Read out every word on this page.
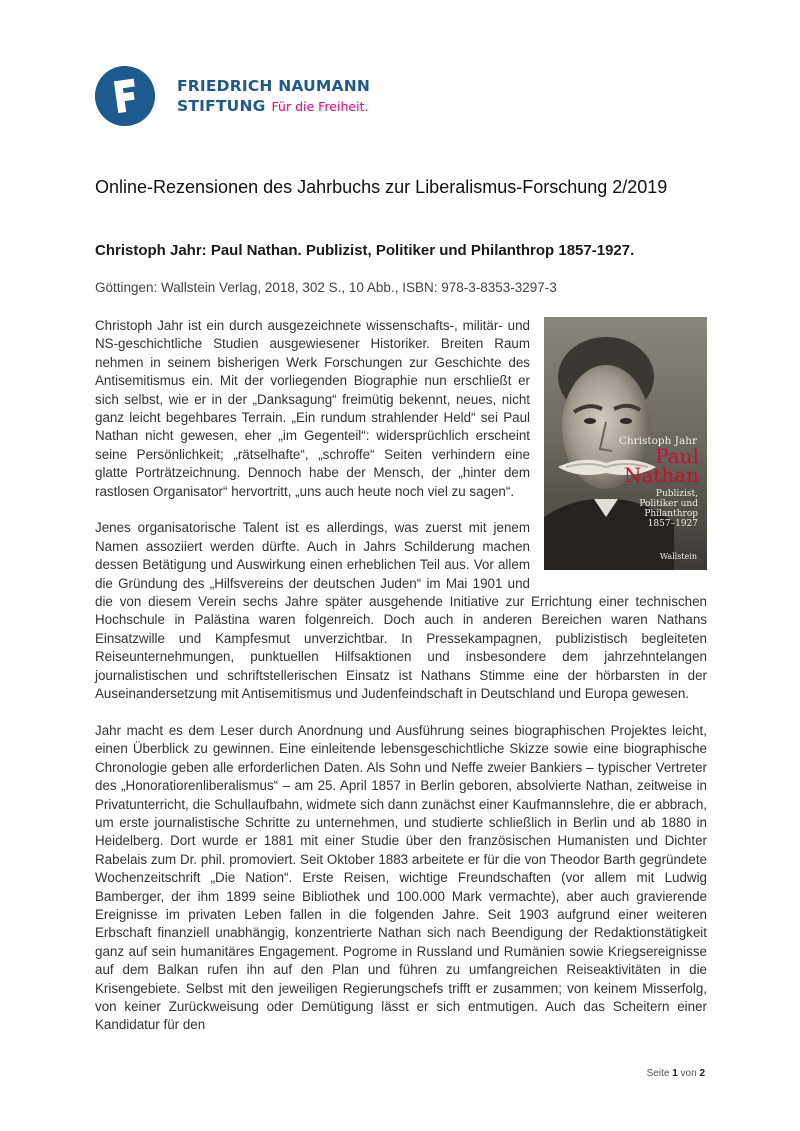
FRIEDRICH NAUMANN
STIFTUNG Für die Freiheit.
Online-Rezensionen des Jahrbuchs zur Liberalismus-Forschung 2/2019
Christoph Jahr: Paul Nathan. Publizist, Politiker und Philanthrop 1857-1927.
Göttingen: Wallstein Verlag, 2018, 302 S., 10 Abb., ISBN: 978-3-8353-3297-3
Christoph Jahr
Paul
Nathan
Publizist,
Politiker und
Philanthrop
1857–1927
Wallstein

Christoph Jahr ist ein durch ausgezeichnete wissenschafts-, militär- und NS-geschichtliche Studien ausgewiesener Historiker. Breiten Raum nehmen in seinem bisherigen Werk Forschungen zur Geschichte des Antisemitismus ein. Mit der vorliegenden Biographie nun erschließt er sich selbst, wie er in der „Danksagung“ freimütig bekennt, neues, nicht ganz leicht begehbares Terrain. „Ein rundum strahlender Held“ sei Paul Nathan nicht gewesen, eher „im Gegenteil“: widersprüchlich erscheint seine Persönlichkeit; „rätselhafte“, „schroffe“ Seiten verhindern eine glatte Porträtzeichnung. Dennoch habe der Mensch, der „hinter dem rastlosen Organisator“ hervortritt, „uns auch heute noch viel zu sagen“.

Jenes organisatorische Talent ist es allerdings, was zuerst mit jenem Namen assoziiert werden dürfte. Auch in Jahrs Schilderung machen dessen Betätigung und Auswirkung einen erheblichen Teil aus. Vor allem die Gründung des „Hilfsvereins der deutschen Juden“ im Mai 1901 und die von diesem Verein sechs Jahre später ausgehende Initiative zur Errichtung einer technischen Hochschule in Palästina waren folgenreich. Doch auch in anderen Bereichen waren Nathans Einsatzwille und Kampfesmut unverzichtbar. In Pressekampagnen, publizistisch begleiteten Reiseunternehmungen, punktuellen Hilfsaktionen und insbesondere dem jahrzehntelangen journalistischen und schriftstellerischen Einsatz ist Nathans Stimme eine der hörbarsten in der Auseinandersetzung mit Antisemitismus und Judenfeindschaft in Deutschland und Europa gewesen.

Jahr macht es dem Leser durch Anordnung und Ausführung seines biographischen Projektes leicht, einen Überblick zu gewinnen. Eine einleitende lebensgeschichtliche Skizze sowie eine biographische Chronologie geben alle erforderlichen Daten. Als Sohn und Neffe zweier Bankiers – typischer Vertreter des „Honoratiorenliberalismus“ – am 25. April 1857 in Berlin geboren, absolvierte Nathan, zeitweise in Privatunterricht, die Schullaufbahn, widmete sich dann zunächst einer Kaufmannslehre, die er abbrach, um erste journalistische Schritte zu unternehmen, und studierte schließlich in Berlin und ab 1880 in Heidelberg. Dort wurde er 1881 mit einer Studie über den französischen Humanisten und Dichter Rabelais zum Dr. phil. promoviert. Seit Oktober 1883 arbeitete er für die von Theodor Barth gegründete Wochenzeitschrift „Die Nation“. Erste Reisen, wichtige Freundschaften (vor allem mit Ludwig Bamberger, der ihm 1899 seine Bibliothek und 100.000 Mark vermachte), aber auch gravierende Ereignisse im privaten Leben fallen in die folgenden Jahre. Seit 1903 aufgrund einer weiteren Erbschaft finanziell unabhängig, konzentrierte Nathan sich nach Beendigung der Redaktionstätigkeit ganz auf sein humanitäres Engagement. Pogrome in Russland und Rumänien sowie Kriegsereignisse auf dem Balkan rufen ihn auf den Plan und führen zu umfangreichen Reiseaktivitäten in die Krisengebiete. Selbst mit den jeweiligen Regierungschefs trifft er zusammen; von keinem Misserfolg, von keiner Zurückweisung oder Demütigung lässt er sich entmutigen. Auch das Scheitern einer Kandidatur für den

Seite 1 von 2
